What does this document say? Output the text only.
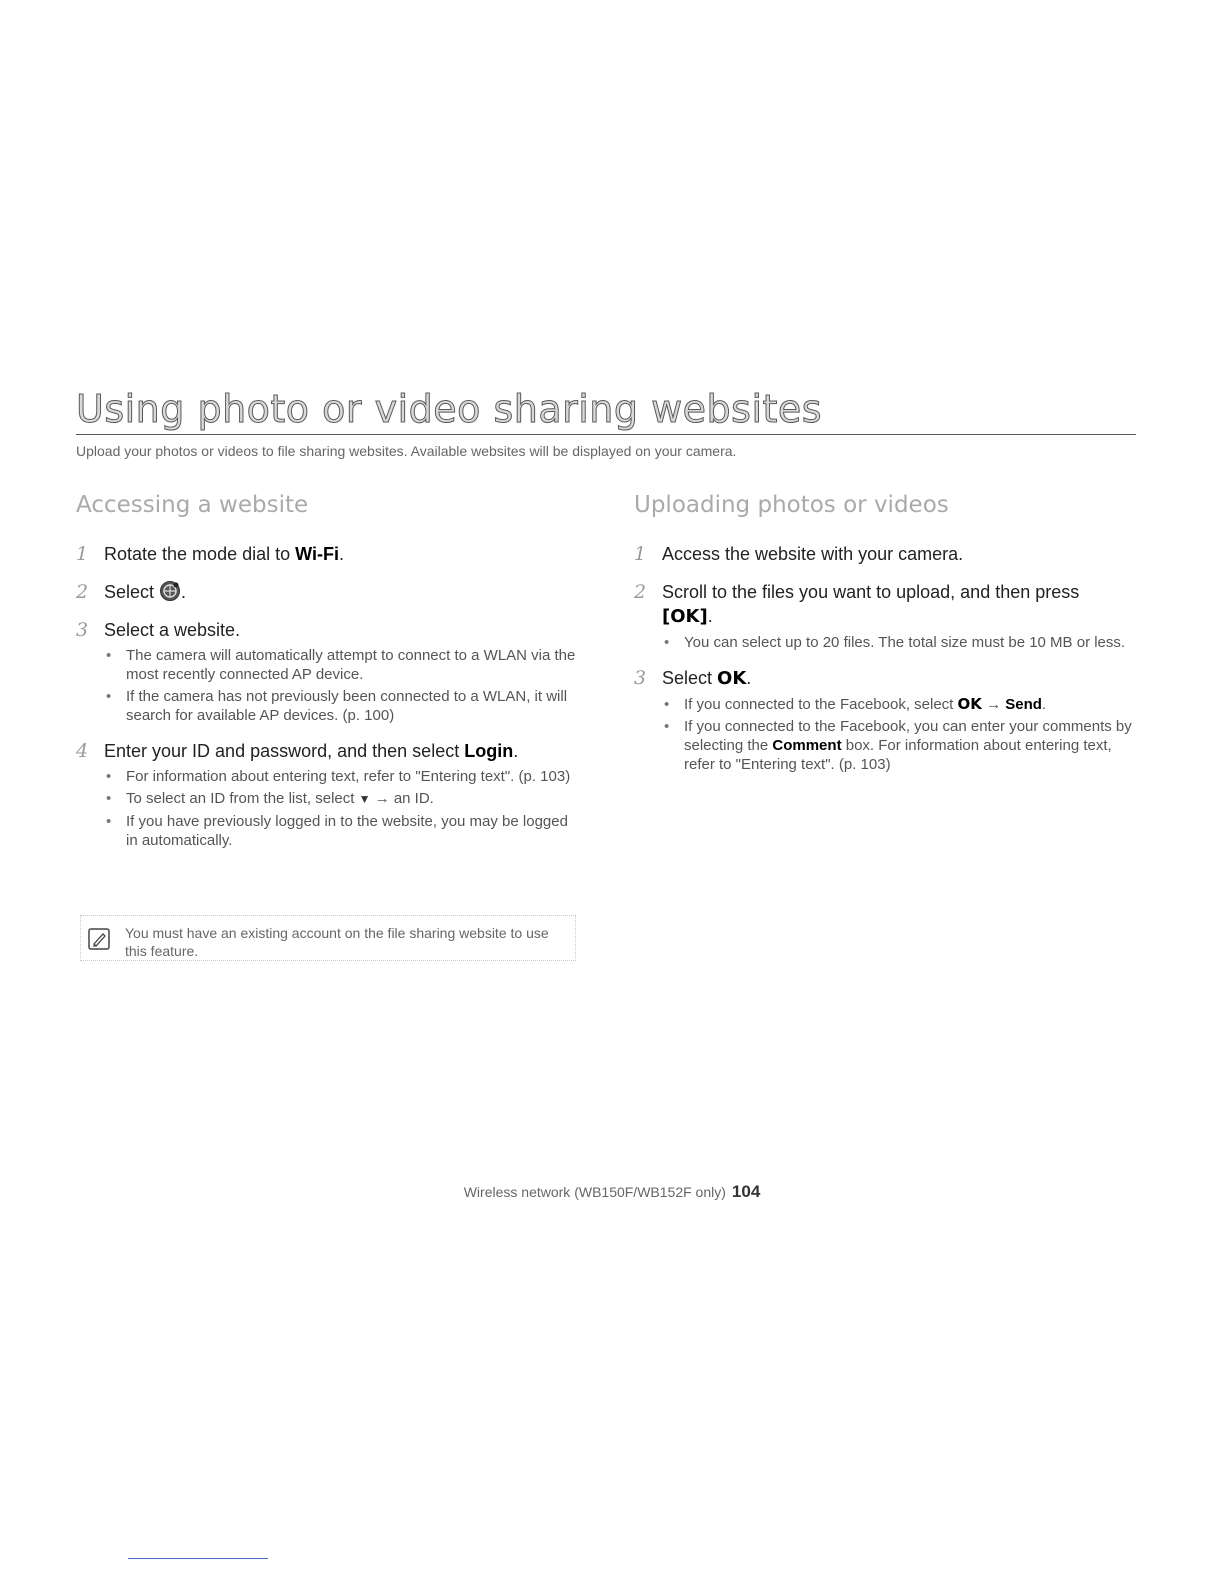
Using photo or video sharing websites
Upload your photos or videos to file sharing websites. Available websites will be displayed on your camera.
Accessing a website
1 Rotate the mode dial to Wi-Fi.
2 Select .
3 Select a website.
• The camera will automatically attempt to connect to a WLAN via the most recently connected AP device.
• If the camera has not previously been connected to a WLAN, it will search for available AP devices. (p. 100)
4 Enter your ID and password, and then select Login.
• For information about entering text, refer to "Entering text". (p. 103)
• To select an ID from the list, select ▼ → an ID.
• If you have previously logged in to the website, you may be logged in automatically.
You must have an existing account on the file sharing website to use this feature.
Uploading photos or videos
1 Access the website with your camera.
2 Scroll to the files you want to upload, and then press [OK].
• You can select up to 20 files. The total size must be 10 MB or less.
3 Select OK.
• If you connected to the Facebook, select OK → Send.
• If you connected to the Facebook, you can enter your comments by selecting the Comment box. For information about entering text, refer to "Entering text". (p. 103)
Wireless network (WB150F/WB152F only) 104
